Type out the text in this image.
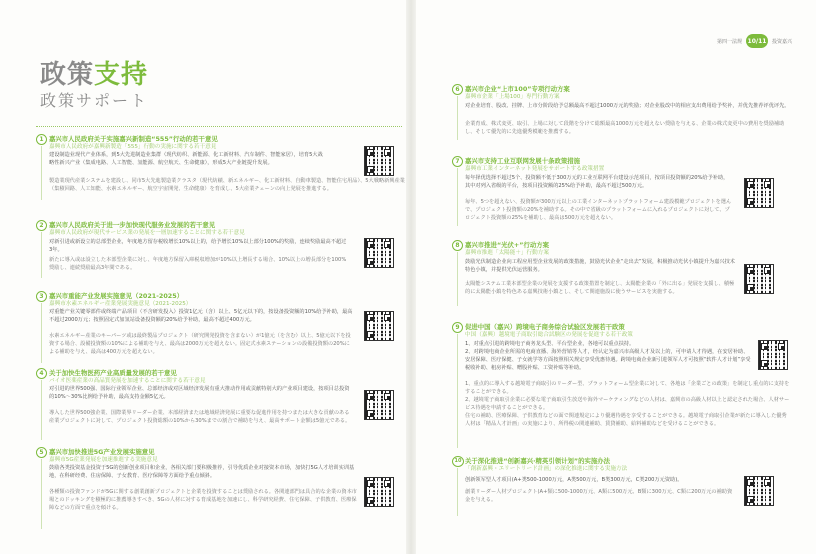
第四一法规 10/11	投资嘉兴
政策支持
政策サポート
1 嘉兴市人民政府关于实施嘉兴新制造“555”行动的若干意见
嘉興市人民政府が嘉興新製造「555」行動の実施に関する若干意見
建设制造业现代产业体系，到5大先进制造业集群（现代纺织、新能源、化工新材料、汽车制件、智能家居），培育5大战略性新兴产业（集成电路、人工智能、氢能源、航空航天、生命健康），形成5大产业链提升发展。
製造業現代産業システムを建設し、同市5大先進製造業クラスタ（現代紡績、新エネルギー、化工新材料、自動車製造、智能住宅用品）、5大戦略新興産業（集積回路、人工知能、水素エネルギー、航空宇宙開発、生命健康）を育成し、5大産業チェーンの向上発展を推進する。
2 嘉兴市人民政府关于进一步加快现代服务业发展的若干意见
嘉興市人民政府が現代サービス業の発展を一層加速することに関する若干意見
对新引进或新设立的总部型企业，年度地方留存税收增长10%以上的，给予增长10%以上部分100%的奖励，连续奖励最高不超过3年。
新たに導入或は設立した本部型企業に対し、年度地方保留入庫税収増加が10%以上増長する場合、10%以上の増長部分を100%奨励し、連続奨励最高3年間である。
3 嘉兴市重能产业发展实施意见（2021-2025）
嘉興市水素エネルギー産業発展実施意見（2021-2025）
对重能产业关键零部件或终端产品项目（不含研发投入）投资1亿元（含）以上、5亿元以下的，按设备投资额的10%给予补助，最高不超过2000万元；按照固定式加氢站设备投资额的20%给予补助，最高不超过400万元。
水素エネルギー産業のキーパーツ或は最終製品プロジェクト（研究開発投資を含まない）が1億元（を含む）以上、5億元以下を投資する場合、設備投資額の10%による補助を与え、最高は2000万元を超えない。固定式水素ステーションの設備投資額の20%による補助を与え、最高は400万元を超えない。
4 关于加快生物医药产业高质量发展的若干意见
バイオ医薬産業の高品質発展を加速することに関する若干意見
对引进的世界500强、国际行业领军企业、总部经济或对区域经济发展有重大推动作用或贡献特别大的产业项目建设，按项目总投资的10%～30%比例给予补助，最高支持金额5亿元。
導入した世界500強企業、国際業界リーダー企業、本部経済または地域経済発展に重要な促進作用を持つまたは大きな貢献のある産業プロジェクトに対して、プロジェクト投資総額の10%から30%までの割合で補助を与え、最高サポート金額は5億元である。
5 嘉兴市加快推进5G产业发展实施意见
嘉興市5G産業発展を加速推進する実施意見
鼓励各类投资基金投资于5G的创新创业项目和企业，各相关部门要积极推荐，引导优质企业对接资本市场，加快打5G人才培训实训基地，在科研经费、住房保障、子女教育、医疗保障等方面给予重点倾斜。
各種類の投資ファンドが5Gに関する創業創新プロジェクトと企業を投資することは奨励される。各関連部門は具合的な企業の資本市場とのドッキングを積極的に推薦導きすべき、5Gの人材に対する育成基地を加速にし、科学研究経費、住宅保障、子供教育、医療保障などの方面で重点を傾ける。
6 嘉兴市企业“上市100”专项行动方案
嘉興市企業「上場100」専門行動方案
对企业培育、股改、挂牌、上市分阶段给予总额最高不超过1000万元的奖励；对企业股改中的相应支出费用给予奖补，并优先推荐评优评先。
企業育成、株式変更、取引、上場に対して段階を分けて総額最高1000万元を超えない奨励を与える、企業の株式変更中の費用を奨励補助し、そして優先的に先進優秀模範を推薦する。
7 嘉兴市支持工业互联网发展十条政策措施
嘉興市工業インターネット発展をサポートする政策措置
每年择优选择不超过5个、投资额不低于300万元的工业互联网平台建设示范项目，按项目投资额的20%给予补助，其中对列入省级的平台，按项目投资额的25%给予补助，最高不超过500万元。
毎年、5つを超えない、投資額が300万元以上の工業インターネットプラットフォーム建設模範プロジェクトを選んで、プロジェクト投資額の20%を補助する。その中で省級のプラットフォームに入れるプロジェクトに対して、プロジェクト投資額の25%を補助し、最高は500万元を超えない。
8 嘉兴市推进“光伏+”行动方案
嘉興市推進「太陽能＋」行動方案
鼓励光伏制造企业向工程应用型企业发展的政策措施，鼓励光伏企业“走出去”发展，积极推动光伏小镇提升为嘉兴技术特色小镇，并提供光伏运营服务。
太陽能システム工業本部型企業の発展を支援する政策措置を制定し、太陽能企業の「外に出る」発展を支援し、積極的に太陽能小鎮を特色ある嘉興技術小鎮とし、そして関連施設に使うサービスを実施する。
9 促进中国（嘉兴）跨境电子商务综合试验区发展若干政策
中国（嘉興）越境電子商取引総合試験区の発展を促進する若干政策
1、对重点引进的跨境电子商务龙头型、平台型企业，各地可以重点扶持。
2、对跨境电商企业所需的电商直播、海外营销等人才，经认定为嘉兴市高级人才及以上的，可申请人才待遇，在安居补助、安居保障、医疗保健、子女就学等方面按照相关规定享受优惠待遇。跨境电商企业新引进领军人才可按照“软件人才计划”享受税收补助、租房补贴、赠股补贴、工资补贴等补助。
1、重点的に導入する越境電子商取引のリーダー型、プラットフォーム型企業に対して、各地は「企業ごとの政策」を制定し重点的に支持をすることができる。
2、越境電子商取引企業に必要な電子商取引生放送や海外マーケティングなどの人材は、嘉興市の高級人材以上と認定された場合、人材サービス待遇を申請することができる。
住宅の補助、医療保障、子供教育などの面で関連規定により優遇待遇を享受することができる。越境電子商取引企業が新たに導入した優秀人材は「精品人才計画」の実施により、所得税の関連補助、賃貸補助、給料補助などを受けることができる。
10 关于深化推进“创新嘉兴·精英引领计划”的实施办法
「創新嘉興・エリートリード計画」の深化推進に関する実施方法
创新领军型人才项目(A+类500-1000万元，A类500万元，B类300万元，C类200万元资助)。
創業リーダー人材プロジェクト(A+類に500-1000万元、A類に500万元、B類に300万元、C類に200万元の補助資金を与える。
